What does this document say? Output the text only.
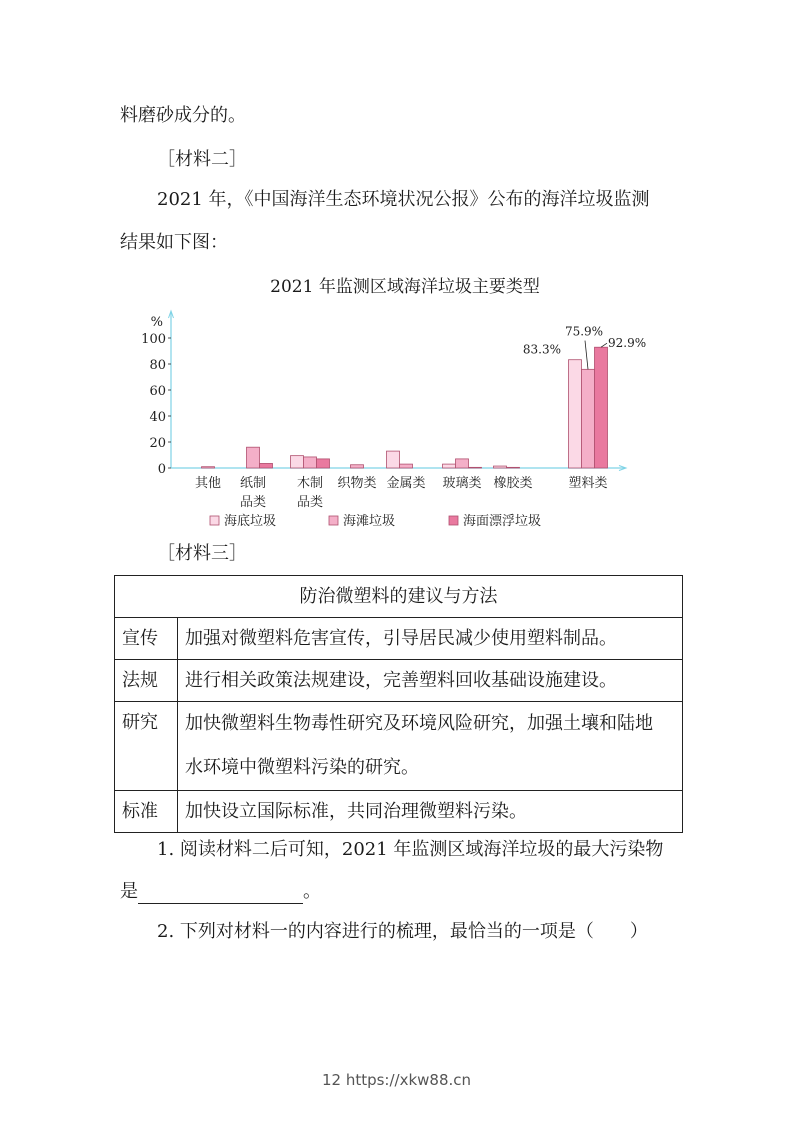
料磨砂成分的。
［材料二］
2021 年，《中国海洋生态环境状况公报》公布的海洋垃圾监测
结果如下图：
2021 年监测区域海洋垃圾主要类型
%
0
20
40
60
80
100
其他 纸制
品类
木制
品类
织物类 金属类 玻璃类 橡胶类	塑料类
83.3%
75.9%
92.9%
海底垃圾	海滩垃圾	海面漂浮垃圾
［材料三］
防治微塑料的建议与方法	
宣传	加强对微塑料危害宣传，引导居民减少使用塑料制品。
法规	进行相关政策法规建设，完善塑料回收基础设施建设。
研究	加快微塑料生物毒性研究及环境风险研究，加强土壤和陆地
水环境中微塑料污染的研究。

标准	加快设立国际标准，共同治理微塑料污染。
1. 阅读材料二后可知，2021 年监测区域海洋垃圾的最大污染物
是	。
2. 下列对材料一的内容进行的梳理，最恰当的一项是（　　）
12 https://xkw88.cn
